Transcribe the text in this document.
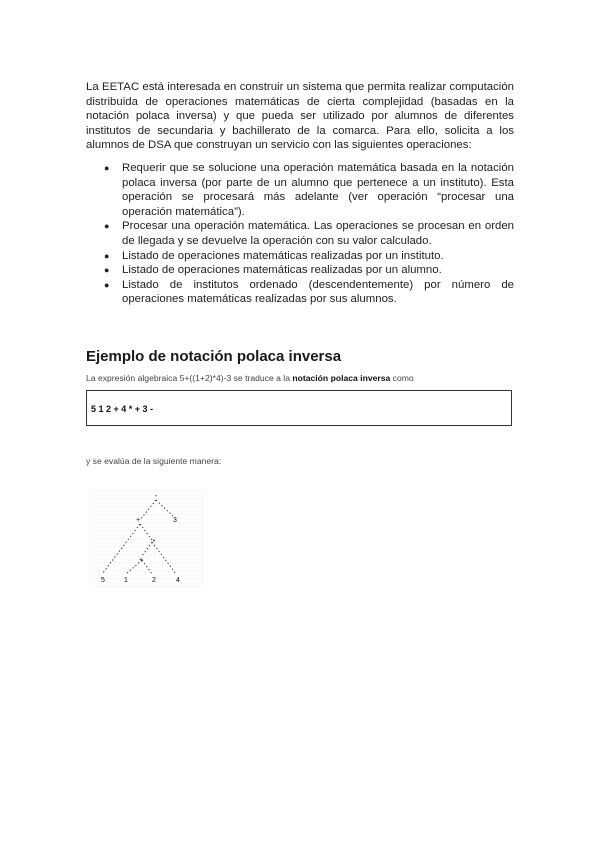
La EETAC está interesada en construir un sistema que permita realizar computación distribuida de operaciones matemáticas de cierta complejidad (basadas en la notación polaca inversa) y que pueda ser utilizado por alumnos de diferentes institutos de secundaria y bachillerato de la comarca. Para ello, solicita a los alumnos de DSA que construyan un servicio con las siguientes operaciones:

● Requerir que se solucione una operación matemática basada en la notación polaca inversa (por parte de un alumno que pertenece a un instituto). Esta operación se procesará más adelante (ver operación “procesar una operación matemática”).
● Procesar una operación matemática. Las operaciones se procesan en orden de llegada y se devuelve la operación con su valor calculado.
● Listado de operaciones matemáticas realizadas por un instituto.
● Listado de operaciones matemáticas realizadas por un alumno.
● Listado de institutos ordenado (descendentemente) por número de operaciones matemáticas realizadas por sus alumnos.
Ejemplo de notación polaca inversa
La expresión algebraica 5+((1+2)*4)-3 se traduce a la notación polaca inversa como
5 1 2 + 4 * + 3 -
y se evalúa de la siguiente manera:
-
+	3
+
*
5	1	2	4
